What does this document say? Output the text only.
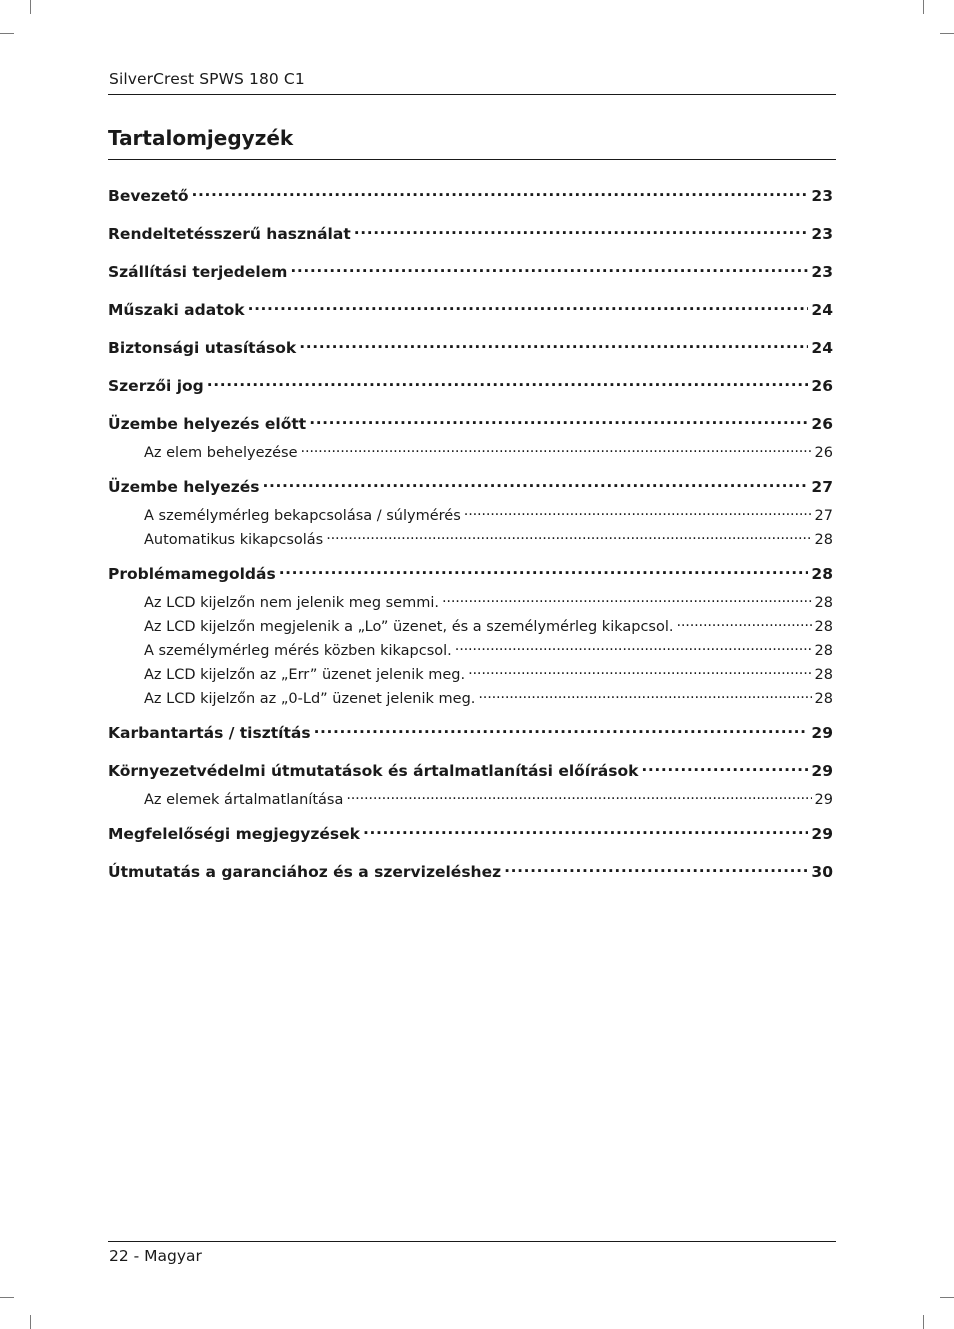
SilverCrest SPWS 180 C1
Tartalomjegyzék
Bevezető .....	23
Rendeltetésszerű használat .....	23
Szállítási terjedelem .....	23
Műszaki adatok .....	24
Biztonsági utasítások .....	24
Szerzői jog .....	26
Üzembe helyezés előtt .....	26
Az elem behelyezése .....	26
Üzembe helyezés .....	27
A személymérleg bekapcsolása / súlymérés .....	27
Automatikus kikapcsolás .....	28
Problémamegoldás .....	28
Az LCD kijelzőn nem jelenik meg semmi. .....	28
Az LCD kijelzőn megjelenik a „Lo” üzenet, és a személymérleg kikapcsol. .....	28
A személymérleg mérés közben kikapcsol. .....	28
Az LCD kijelzőn az „Err” üzenet jelenik meg. .....	28
Az LCD kijelzőn az „0-Ld” üzenet jelenik meg. .....	28
Karbantartás / tisztítás .....	29
Környezetvédelmi útmutatások és ártalmatlanítási előírások .....	29
Az elemek ártalmatlanítása .....	29
Megfelelőségi megjegyzések .....	29
Útmutatás a garanciához és a szervizeléshez .....	30
22 - Magyar
